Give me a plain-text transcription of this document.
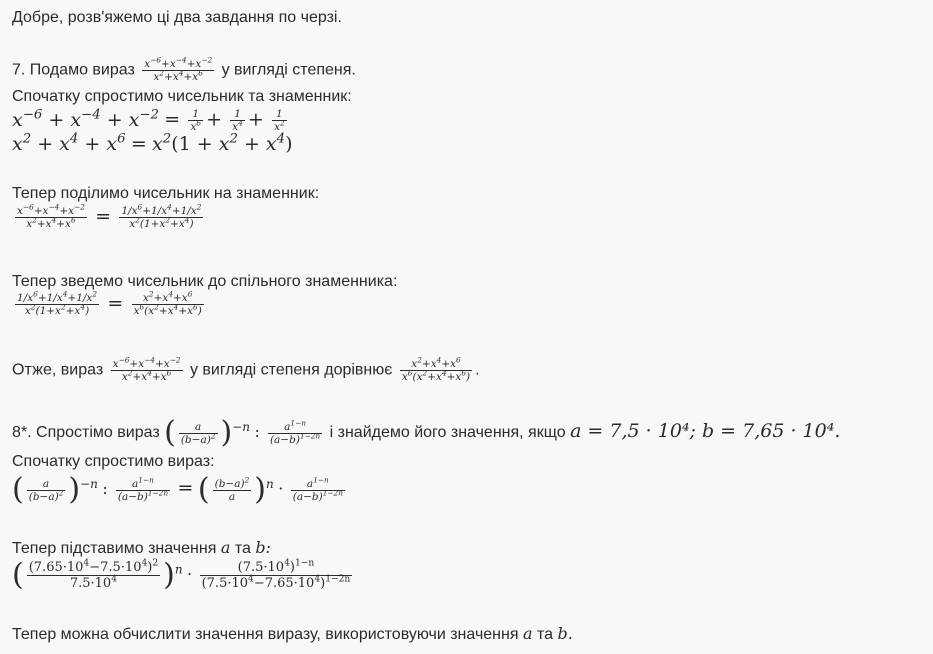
Добре, розв'яжемо ці два завдання по черзі.
7. Подамо вираз $\frac{x^{-6}+x^{-4}+x^{-2}}{x^2+x^4+x^6}$ у вигляді степеня.
Спочатку спростимо чисельник та знаменник:
$x^{-6} + x^{-4} + x^{-2} = \frac{1}{x^6} + \frac{1}{x^4} + \frac{1}{x^2}$
$x^2 + x^4 + x^6 = x^2(1 + x^2 + x^4)$
Тепер поділимо чисельник на знаменник:
$\frac{x^{-6}+x^{-4}+x^{-2}}{x^2+x^4+x^6} = \frac{1/x^6+1/x^4+1/x^2}{x^2(1+x^2+x^4)}$
Тепер зведемо чисельник до спільного знаменника:
$\frac{1/x^6+1/x^4+1/x^2}{x^2(1+x^2+x^4)} = \frac{x^2+x^4+x^6}{x^6(x^2+x^4+x^6)}$
Отже, вираз $\frac{x^{-6}+x^{-4}+x^{-2}}{x^2+x^4+x^6}$ у вигляді степеня дорівнює $\frac{x^2+x^4+x^6}{x^6(x^2+x^4+x^6)}$ .
8*. Спростімо вираз ( $\frac{a}{(b-a)^2} )^{-n}$ : $\frac{a^{1-n}}{(a-b)^{1-2n}}$ і знайдемо його значення, якщо a = 7,5 · 10⁴; b = 7,65 · 10⁴.
Спочатку спростимо вираз:
( $\frac{a}{(b-a)^2} )^{-n}$ : $\frac{a^{1-n}}{(a-b)^{1-2n}}$ = ( $\frac{(b-a)^2}{a} )^n \cdot \frac{a^{1-n}}{(a-b)^{1-2n}}$
Тепер підставимо значення a та b:
( $\frac{(7.65\cdot 10^4-7.5\cdot 10^4)^2}{7.5\cdot 10^4} )^n \cdot \frac{(7.5\cdot 10^4)^{1-n}}{(7.5\cdot 10^4-7.65\cdot 10^4)^{1-2n}}$
Тепер можна обчислити значення виразу, використовуючи значення a та b.
